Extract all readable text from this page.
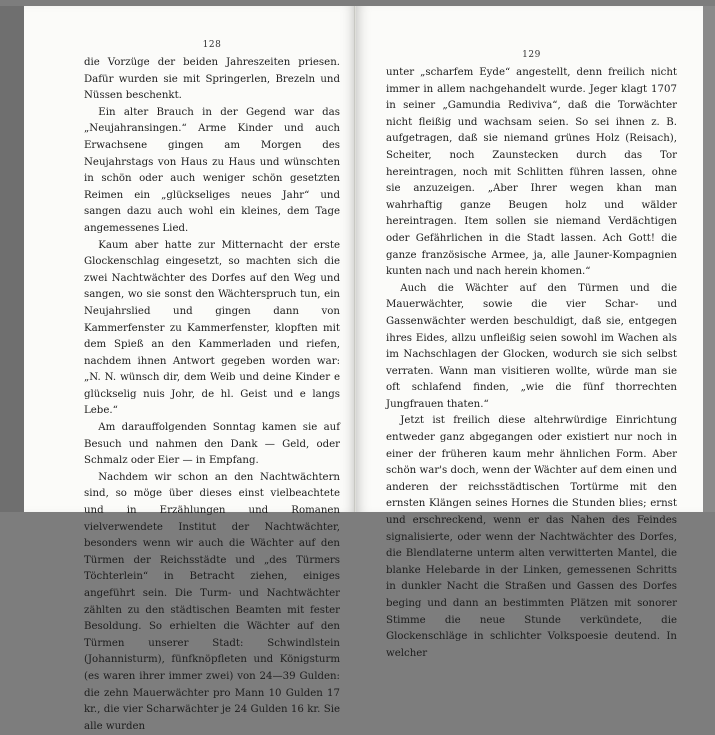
128

die Vorzüge der beiden Jahreszeiten priesen. Dafür wurden sie mit Springerlen, Brezeln und Nüssen beschenkt.

Ein alter Brauch in der Gegend war das „Neujahransingen.“ Arme Kinder und auch Erwachsene gingen am Morgen des Neujahrstags von Haus zu Haus und wünschten in schön oder auch weniger schön gesetzten Reimen ein „glückseliges neues Jahr“ und sangen dazu auch wohl ein kleines, dem Tage angemessenes Lied.

Kaum aber hatte zur Mitternacht der erste Glockenschlag eingesetzt, so machten sich die zwei Nachtwächter des Dorfes auf den Weg und sangen, wo sie sonst den Wächterspruch tun, ein Neujahrslied und gingen dann von Kammerfenster zu Kammerfenster, klopften mit dem Spieß an den Kammerladen und riefen, nachdem ihnen Antwort gegeben worden war: „N. N. wünsch dir, dem Weib und deine Kinder e glückselig nuis Johr, de hl. Geist und e langs Lebe.“

Am darauffolgenden Sonntag kamen sie auf Besuch und nahmen den Dank — Geld, oder Schmalz oder Eier — in Empfang.

Nachdem wir schon an den Nachtwächtern sind, so möge über dieses einst vielbeachtete und in Erzählungen und Romanen vielverwendete Institut der Nachtwächter, besonders wenn wir auch die Wächter auf den Türmen der Reichsstädte und „des Türmers Töchterlein“ in Betracht ziehen, einiges angeführt sein. Die Turm- und Nachtwächter zählten zu den städtischen Beamten mit fester Besoldung. So erhielten die Wächter auf den Türmen unserer Stadt: Schwindlstein (Johannisturm), fünfknöpfleten und Königsturm (es waren ihrer immer zwei) von 24—39 Gulden: die zehn Mauerwächter pro Mann 10 Gulden 17 kr., die vier Scharwächter je 24 Gulden 16 kr. Sie alle wurden

129

unter „scharfem Eyde“ angestellt, denn freilich nicht immer in allem nachgehandelt wurde. Jeger klagt 1707 in seiner „Gamundia Rediviva“, daß die Torwächter nicht fleißig und wachsam seien. So sei ihnen z. B. aufgetragen, daß sie niemand grünes Holz (Reisach), Scheiter, noch Zaunstecken durch das Tor hereintragen, noch mit Schlitten führen lassen, ohne sie anzuzeigen. „Aber Ihrer wegen khan man wahrhaftig ganze Beugen holz und wälder hereintragen. Item sollen sie niemand Verdächtigen oder Gefährlichen in die Stadt lassen. Ach Gott! die ganze französische Armee, ja, alle Jauner-Kompagnien kunten nach und nach herein khomen.“

Auch die Wächter auf den Türmen und die Mauerwächter, sowie die vier Schar- und Gassenwächter werden beschuldigt, daß sie, entgegen ihres Eides, allzu unfleißig seien sowohl im Wachen als im Nachschlagen der Glocken, wodurch sie sich selbst verraten. Wann man visitieren wollte, würde man sie oft schlafend finden, „wie die fünf thorrechten Jungfrauen thaten.“

Jetzt ist freilich diese altehrwürdige Einrichtung entweder ganz abgegangen oder existiert nur noch in einer der früheren kaum mehr ähnlichen Form. Aber schön war's doch, wenn der Wächter auf dem einen und anderen der reichsstädtischen Tortürme mit den ernsten Klängen seines Hornes die Stunden blies; ernst und erschreckend, wenn er das Nahen des Feindes signalisierte, oder wenn der Nachtwächter des Dorfes, die Blendlaterne unterm alten verwitterten Mantel, die blanke Helebarde in der Linken, gemessenen Schritts in dunkler Nacht die Straßen und Gassen des Dorfes beging und dann an bestimmten Plätzen mit sonorer Stimme die neue Stunde verkündete, die Glockenschläge in schlichter Volkspoesie deutend. In welcher
